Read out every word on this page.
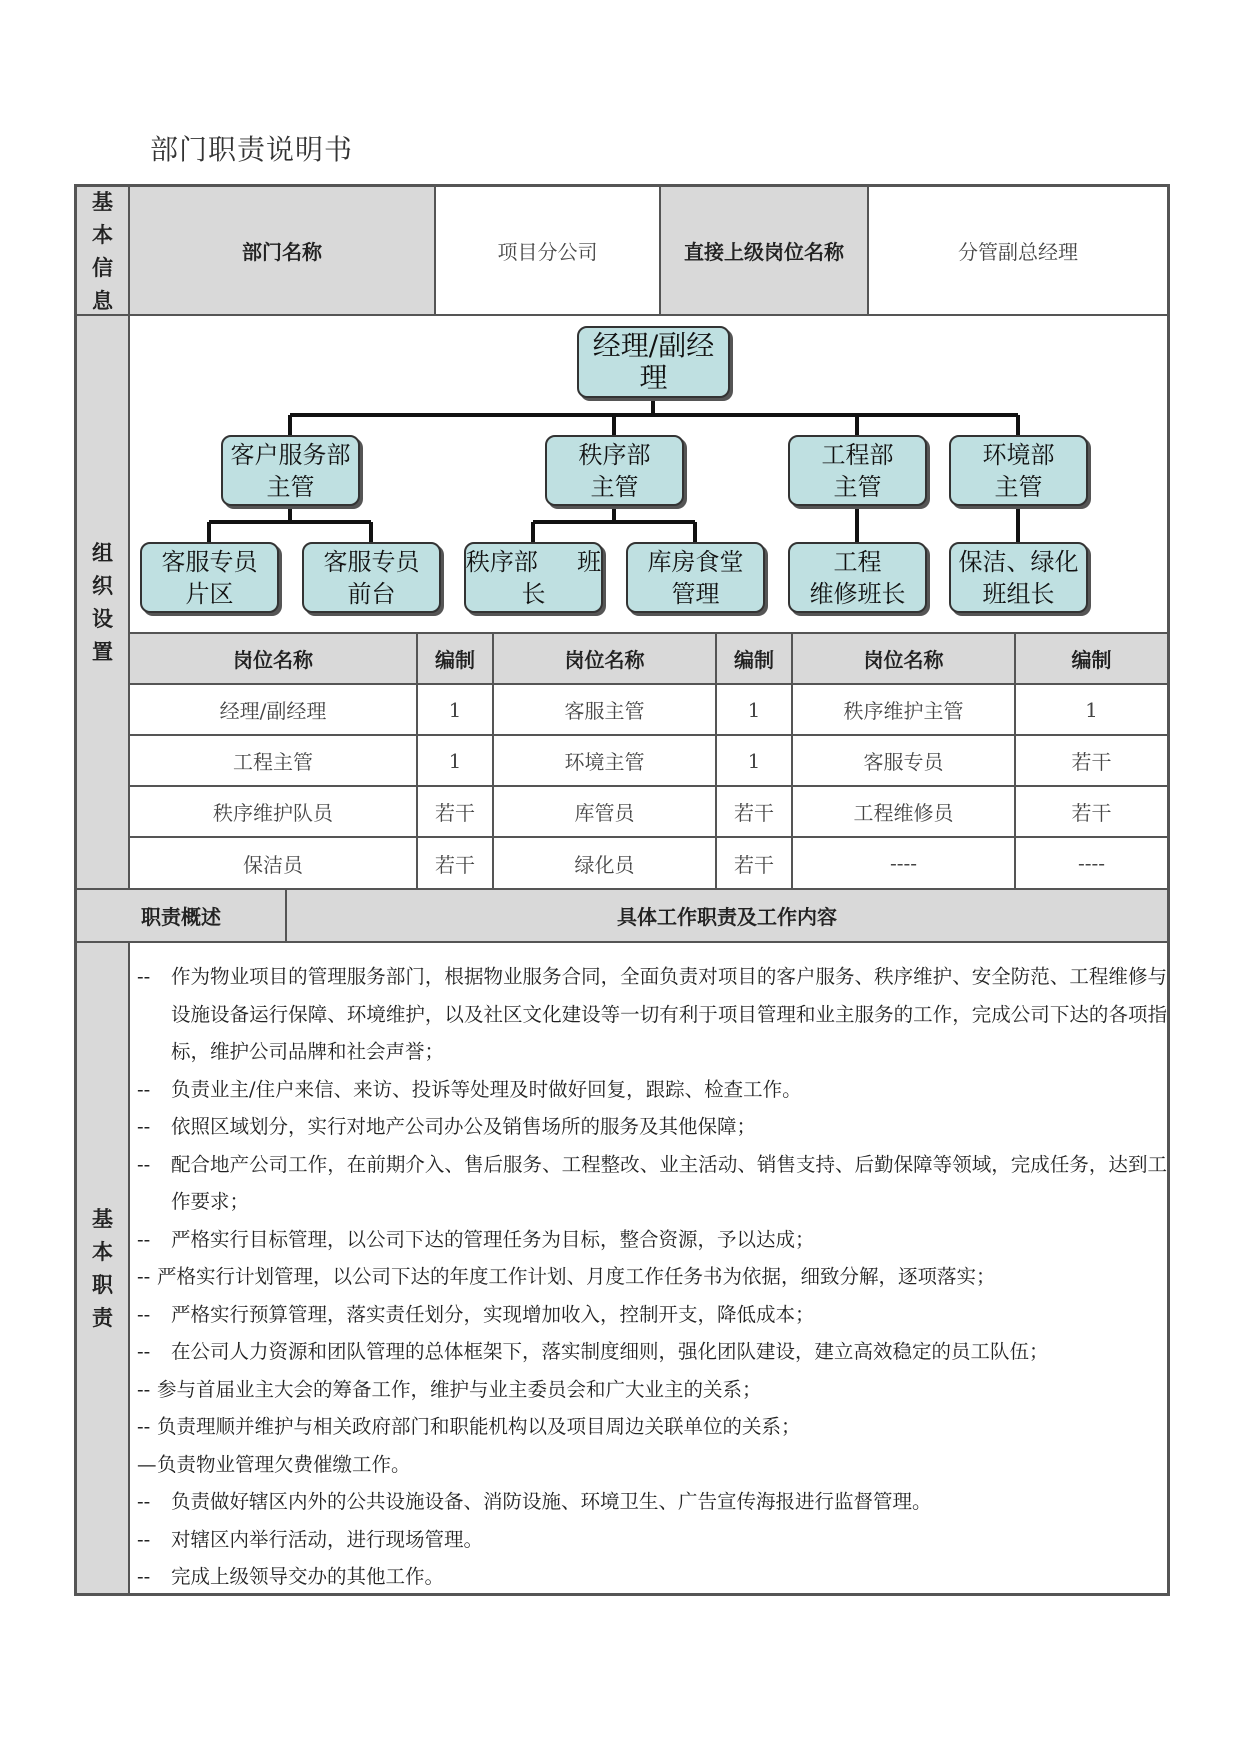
部门职责说明书
基
本
信
息
部门名称	项目分公司	直接上级岗位名称	分管副总经理
组
织
设
置
经理/副经理
客户服务部
主管
秩序部
主管
工程部
主管
环境部
主管
客服专员
片区
客服专员
前台
秩序部　  班
长
库房食堂
管理
工程
维修班长
保洁、绿化
班组长
岗位名称	编制	岗位名称	编制	岗位名称	编制
经理/副经理	1	客服主管	1	秩序维护主管	1
工程主管	1	环境主管	1	客服专员	若干
秩序维护队员	若干	库管员	若干	工程维修员	若干
保洁员	若干	绿化员	若干	----	----
职责概述	具体工作职责及工作内容
基
本
职
责
--	作为物业项目的管理服务部门，根据物业服务合同，全面负责对项目的客户服务、秩序维护、安全防范、工程维修与设施设备运行保障、环境维护，以及社区文化建设等一切有利于项目管理和业主服务的工作，完成公司下达的各项指标，维护公司品牌和社会声誉；
--	负责业主/住户来信、来访、投诉等处理及时做好回复，跟踪、检查工作。
--	依照区域划分，实行对地产公司办公及销售场所的服务及其他保障；
--	配合地产公司工作，在前期介入、售后服务、工程整改、业主活动、销售支持、后勤保障等领域，完成任务，达到工作要求；
--	严格实行目标管理，以公司下达的管理任务为目标，整合资源，予以达成；
-- 严格实行计划管理，以公司下达的年度工作计划、月度工作任务书为依据，细致分解，逐项落实；
--	严格实行预算管理，落实责任划分，实现增加收入，控制开支，降低成本；
--	在公司人力资源和团队管理的总体框架下，落实制度细则，强化团队建设，建立高效稳定的员工队伍；
-- 参与首届业主大会的筹备工作，维护与业主委员会和广大业主的关系；
-- 负责理顺并维护与相关政府部门和职能机构以及项目周边关联单位的关系；
— 负责物业管理欠费催缴工作。
--	负责做好辖区内外的公共设施设备、消防设施、环境卫生、广告宣传海报进行监督管理。
--	对辖区内举行活动，进行现场管理。
--	完成上级领导交办的其他工作。
